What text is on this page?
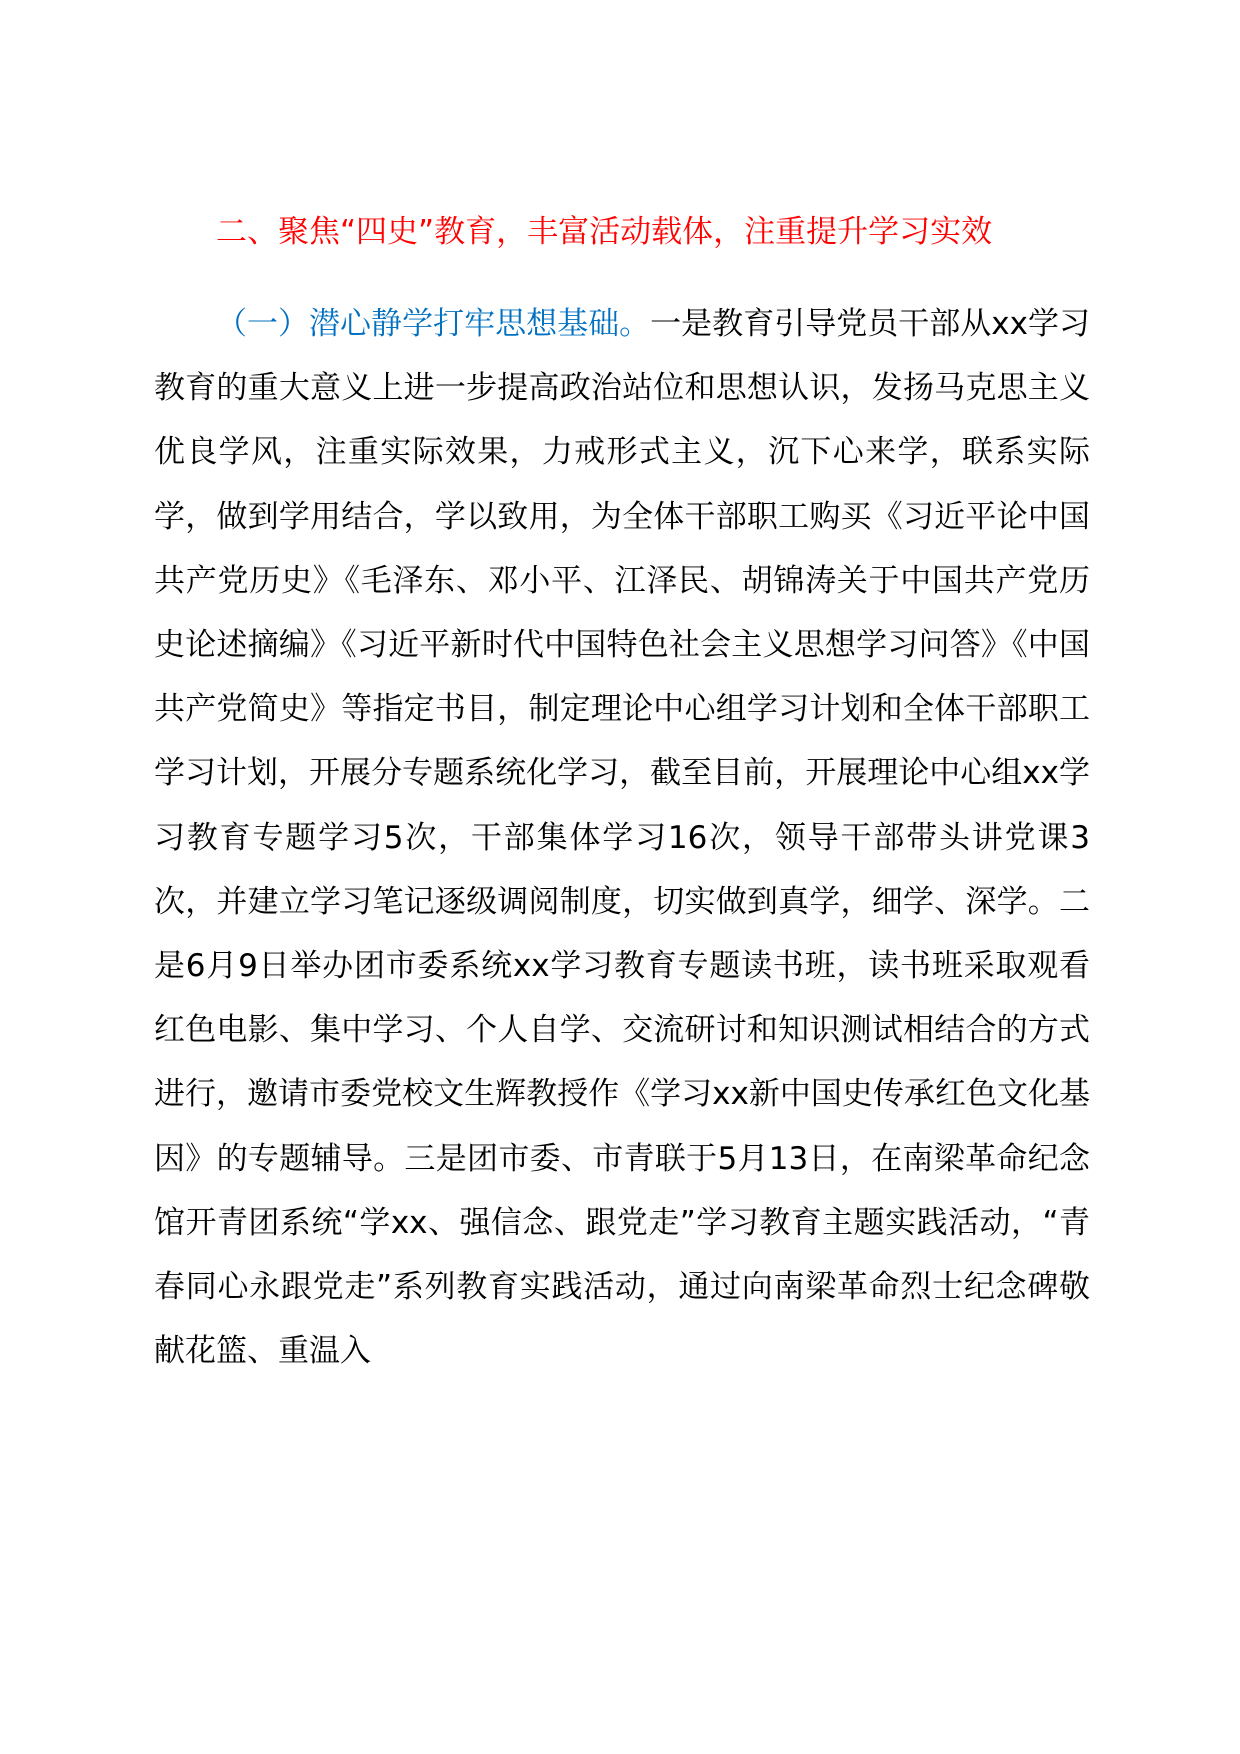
二、聚焦“四史”教育，丰富活动载体，注重提升学习实效

（一）潜心静学打牢思想基础。一是教育引导党员干部从xx学习教育的重大意义上进一步提高政治站位和思想认识，发扬马克思主义优良学风，注重实际效果，力戒形式主义，沉下心来学，联系实际学，做到学用结合，学以致用，为全体干部职工购买《习近平论中国共产党历史》《毛泽东、邓小平、江泽民、胡锦涛关于中国共产党历史论述摘编》《习近平新时代中国特色社会主义思想学习问答》《中国共产党简史》等指定书目，制定理论中心组学习计划和全体干部职工学习计划，开展分专题系统化学习，截至目前，开展理论中心组xx学习教育专题学习5次，干部集体学习16次，领导干部带头讲党课3次，并建立学习笔记逐级调阅制度，切实做到真学，细学、深学。二是6月9日举办团市委系统xx学习教育专题读书班，读书班采取观看红色电影、集中学习、个人自学、交流研讨和知识测试相结合的方式进行，邀请市委党校文生辉教授作《学习xx新中国史传承红色文化基因》的专题辅导。三是团市委、市青联于5月13日，在南梁革命纪念馆开青团系统“学xx、强信念、跟党走”学习教育主题实践活动，“青春同心永跟党走”系列教育实践活动，通过向南梁革命烈士纪念碑敬献花篮、重温入
